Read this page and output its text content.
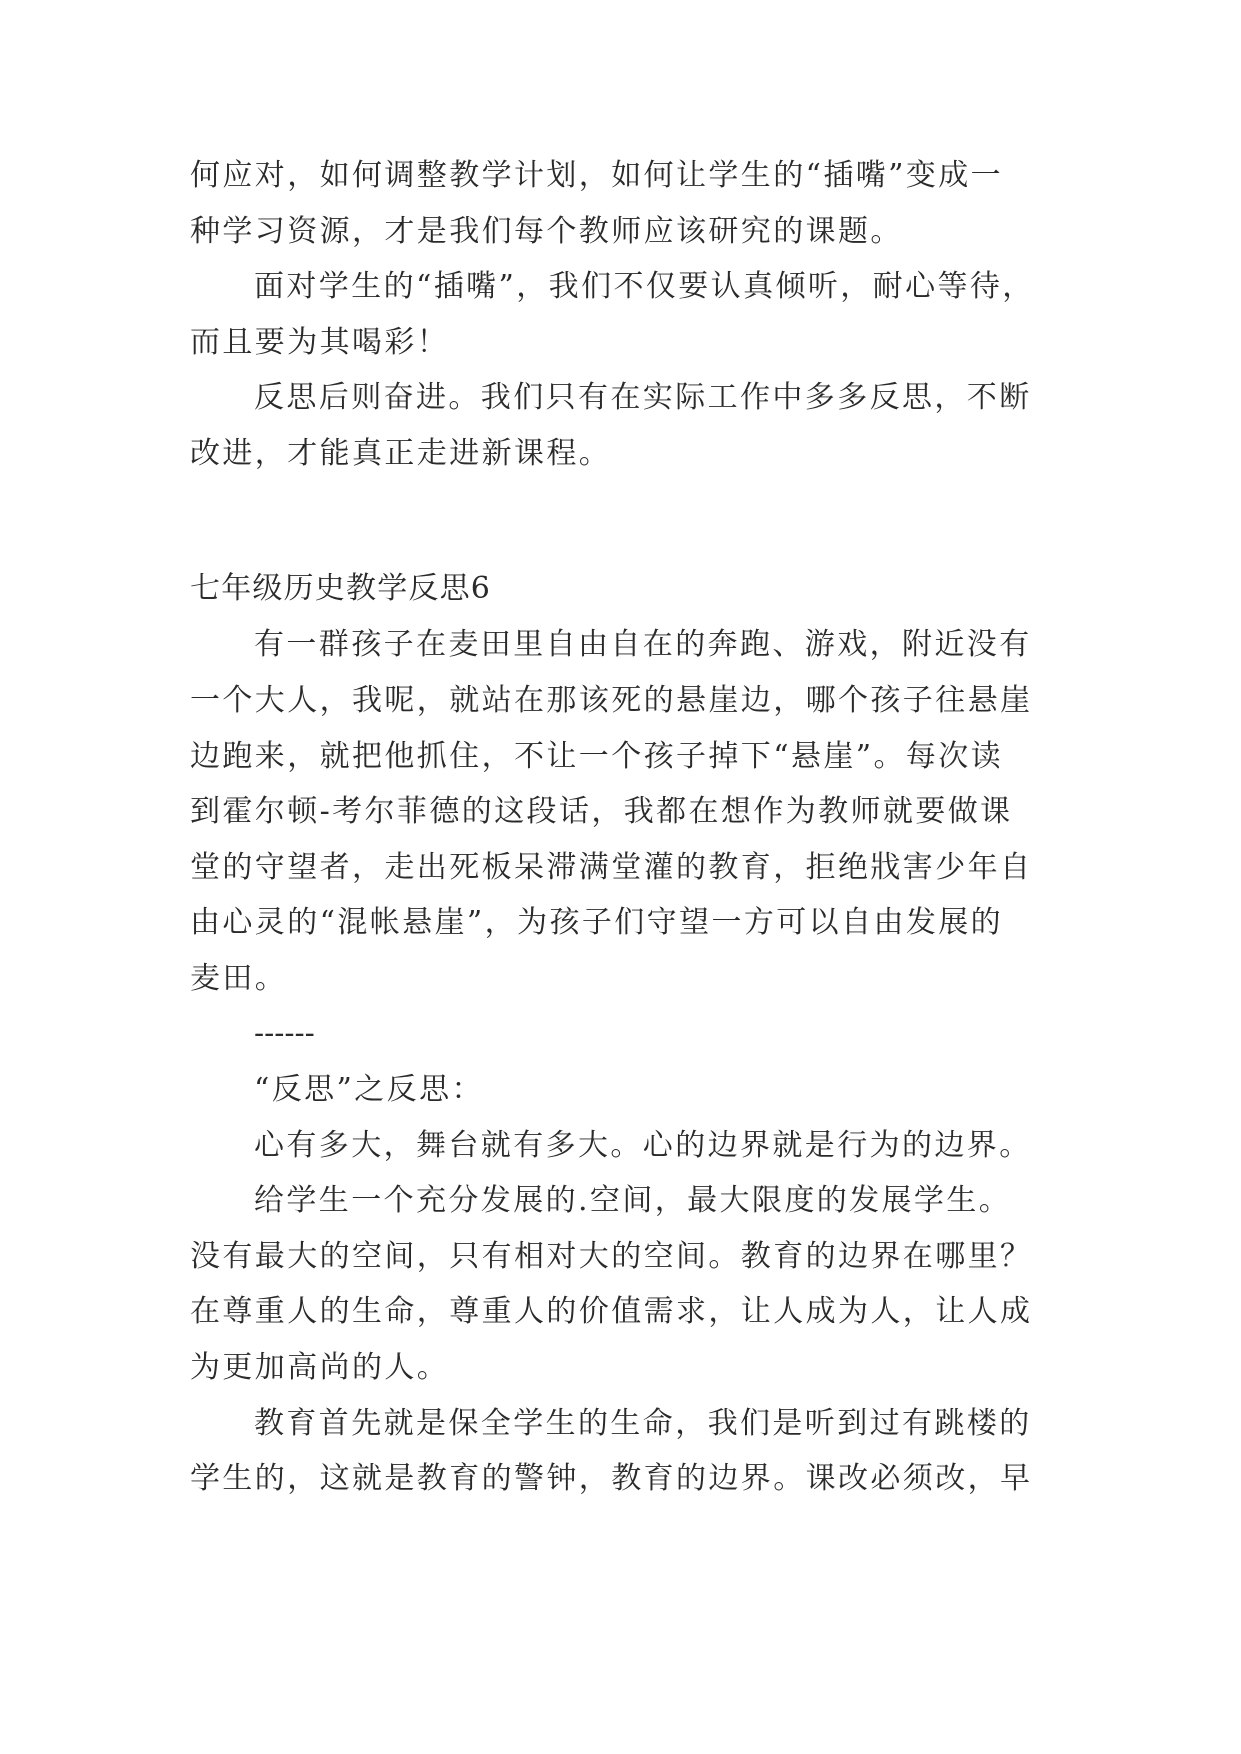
何应对，如何调整教学计划，如何让学生的“插嘴”变成一

种学习资源，才是我们每个教师应该研究的课题。

面对学生的“插嘴”，我们不仅要认真倾听，耐心等待，

而且要为其喝彩！

反思后则奋进。我们只有在实际工作中多多反思，不断

改进，才能真正走进新课程。

七年级历史教学反思6

有一群孩子在麦田里自由自在的奔跑、游戏，附近没有

一个大人，我呢，就站在那该死的悬崖边，哪个孩子往悬崖

边跑来，就把他抓住，不让一个孩子掉下“悬崖”。每次读

到霍尔顿-考尔菲德的这段话，我都在想作为教师就要做课

堂的守望者，走出死板呆滞满堂灌的教育，拒绝戕害少年自

由心灵的“混帐悬崖”，为孩子们守望一方可以自由发展的

麦田。

------

“反思”之反思：

心有多大，舞台就有多大。心的边界就是行为的边界。

给学生一个充分发展的.空间，最大限度的发展学生。

没有最大的空间，只有相对大的空间。教育的边界在哪里？

在尊重人的生命，尊重人的价值需求，让人成为人，让人成

为更加高尚的人。

教育首先就是保全学生的生命，我们是听到过有跳楼的

学生的，这就是教育的警钟，教育的边界。课改必须改，早
